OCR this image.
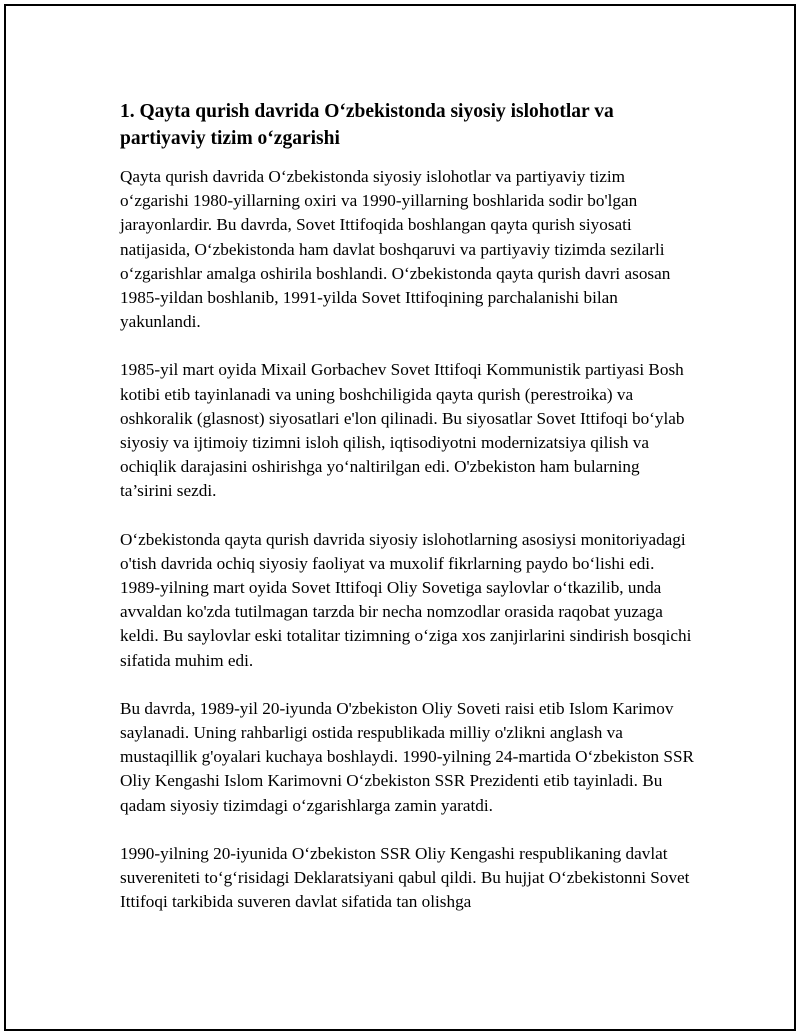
1. Qayta qurish davrida O‘zbekistonda siyosiy islohotlar va partiyaviy tizim o‘zgarishi

Qayta qurish davrida O‘zbekistonda siyosiy islohotlar va partiyaviy tizim o‘zgarishi 1980-yillarning oxiri va 1990-yillarning boshlarida sodir bo'lgan jarayonlardir. Bu davrda, Sovet Ittifoqida boshlangan qayta qurish siyosati natijasida, O‘zbekistonda ham davlat boshqaruvi va partiyaviy tizimda sezilarli o‘zgarishlar amalga oshirila boshlandi. O‘zbekistonda qayta qurish davri asosan 1985-yildan boshlanib, 1991-yilda Sovet Ittifoqining parchalanishi bilan yakunlandi.

1985-yil mart oyida Mixail Gorbachev Sovet Ittifoqi Kommunistik partiyasi Bosh kotibi etib tayinlanadi va uning boshchiligida qayta qurish (perestroika) va oshkoralik (glasnost) siyosatlari e'lon qilinadi. Bu siyosatlar Sovet Ittifoqi bo‘ylab siyosiy va ijtimoiy tizimni isloh qilish, iqtisodiyotni modernizatsiya qilish va ochiqlik darajasini oshirishga yo‘naltirilgan edi. O'zbekiston ham bularning ta’sirini sezdi.

O‘zbekistonda qayta qurish davrida siyosiy islohotlarning asosiysi monitoriyadagi o'tish davrida ochiq siyosiy faoliyat va muxolif fikrlarning paydo bo‘lishi edi. 1989-yilning mart oyida Sovet Ittifoqi Oliy Sovetiga saylovlar o‘tkazilib, unda avvaldan ko'zda tutilmagan tarzda bir necha nomzodlar orasida raqobat yuzaga keldi. Bu saylovlar eski totalitar tizimning o‘ziga xos zanjirlarini sindirish bosqichi sifatida muhim edi.

Bu davrda, 1989-yil 20-iyunda O'zbekiston Oliy Soveti raisi etib Islom Karimov saylanadi. Uning rahbarligi ostida respublikada milliy o'zlikni anglash va mustaqillik g'oyalari kuchaya boshlaydi. 1990-yilning 24-martida O‘zbekiston SSR Oliy Kengashi Islom Karimovni O‘zbekiston SSR Prezidenti etib tayinladi. Bu qadam siyosiy tizimdagi o‘zgarishlarga zamin yaratdi.

1990-yilning 20-iyunida O‘zbekiston SSR Oliy Kengashi respublikaning davlat suvereniteti to‘g‘risidagi Deklaratsiyani qabul qildi. Bu hujjat O‘zbekistonni Sovet Ittifoqi tarkibida suveren davlat sifatida tan olishga
